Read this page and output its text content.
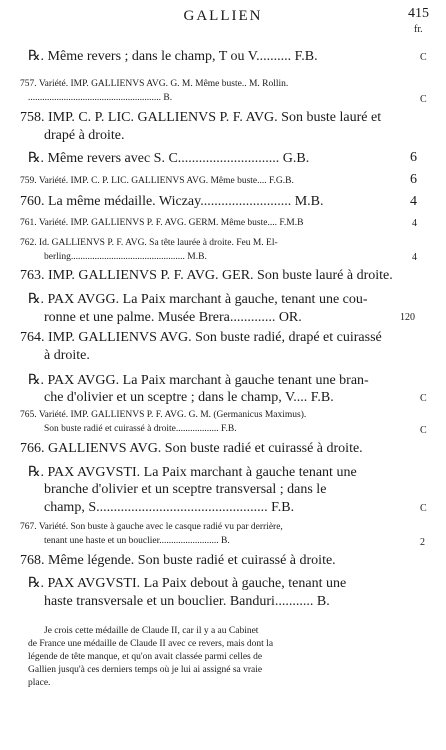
GALLIEN	415
fr.
℞. Même revers ; dans le champ, T ou V.......... F.B.	C
757. Variété. IMP. GALLIENVS AVG. G. M. Même buste.. M. Rollin.
........................................................ B.	C
758. IMP. C. P. LIC. GALLIENVS P. F. AVG. Son buste lauré et
drapé à droite.
℞. Même revers avec S. C............................. G.B.	6
759. Variété. IMP. C. P. LIC. GALLIENVS AVG. Même buste.... F.G.B.	6
760. La même médaille. Wiczay.......................... M.B.	4
761. Variété. IMP. GALLIENVS P. F. AVG. GERM. Même buste.... F.M.B	4
762. Id. GALLIENVS P. F. AVG. Sa tête laurée à droite. Feu M. El-
berling................................................ M.B.	4
763. IMP. GALLIENVS P. F. AVG. GER. Son buste lauré à droite.
℞. PAX AVGG. La Paix marchant à gauche, tenant une cou-
ronne et une palme. Musée Brera............. OR.	120
764. IMP. GALLIENVS AVG. Son buste radié, drapé et cuirassé
à droite.
℞. PAX AVGG. La Paix marchant à gauche tenant une bran-
che d'olivier et un sceptre ; dans le champ, V.... F.B.	C
765. Variété. IMP. GALLIENVS P. F. AVG. G. M. (Germanicus Maximus).
Son buste radié et cuirassé à droite.................. F.B.	C
766. GALLIENVS AVG. Son buste radié et cuirassé à droite.
℞. PAX AVGVSTI. La Paix marchant à gauche tenant une
branche d'olivier et un sceptre transversal ; dans le
champ, S................................................. F.B.	C
767. Variété. Son buste à gauche avec le casque radié vu par derrière,
tenant une haste et un bouclier......................... B.	2
768. Même légende. Son buste radié et cuirassé à droite.
℞. PAX AVGVSTI. La Paix debout à gauche, tenant une
haste transversale et un bouclier. Banduri........... B.
Je crois cette médaille de Claude II, car il y a au Cabinet
de France une médaille de Claude II avec ce revers, mais dont la
légende de tête manque, et qu'on avait classée parmi celles de
Gallien jusqu'à ces derniers temps où je lui ai assigné sa vraie
place.
